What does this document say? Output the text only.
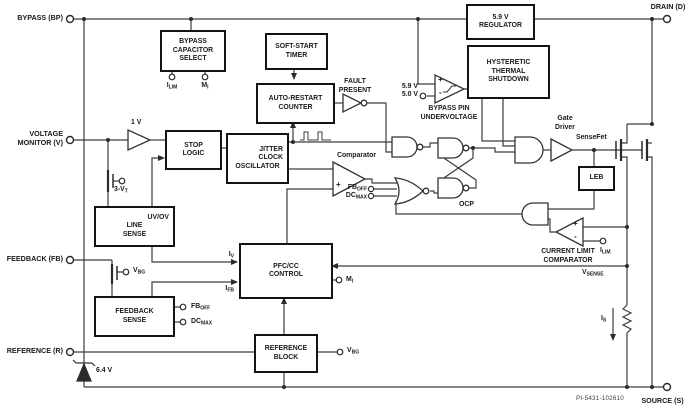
5.9 V
REGULATOR
BYPASS
CAPACITOR
SELECT
SOFT-START
TIMER
AUTO-RESTART
COUNTER
HYSTERETIC
THERMAL
SHUTDOWN
STOP
LOGIC
JITTER
CLOCK
OSCILLATOR
UV/OV
LINE
SENSE
PFC/CC
CONTROL
FEEDBACK
SENSE
REFERENCE
BLOCK
LEB
BYPASS (BP)
VOLTAGE
MONITOR (V)
FEEDBACK (FB)
REFERENCE (R)
DRAIN (D)
SOURCE (S)
PI-5431-102610
1 V
FAULT
PRESENT
5.9 V
5.0 V
BYPASS PIN
UNDERVOLTAGE
Comparator
Gate
Driver
SenseFet
OCP
CURRENT LIMIT
COMPARATOR
6.4 V
$I_{LIM}$	$M_I$
$3-V_T$
$V_{BG}$
$FB_{OFF}$
$DC_{MAX}$
$FB_{OFF}$
$DC_{MAX}$
$I_V$
$I_{FB}$
$M_I$
$V_{BG}$
$V_{SENSE}$
$I_{LIM}$
$I_S$
+
-
-
+
+
-
